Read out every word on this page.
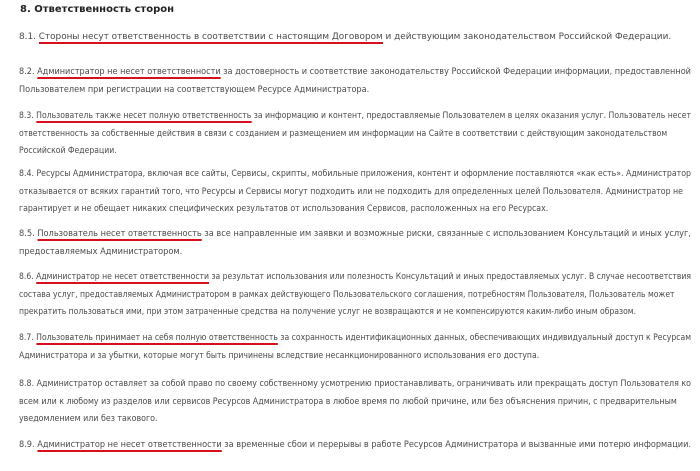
8. Ответственность сторон
8.1. Стороны несут ответственность в соответствии с настоящим Договором и действующим законодательством Российской Федерации.
8.2. Администратор не несет ответственности за достоверность и соответствие законодательству Российской Федерации информации, предоставленной
Пользователем при регистрации на соответствующем Ресурсе Администратора.
8.3. Пользователь также несет полную ответственность за информацию и контент, предоставляемые Пользователем в целях оказания услуг. Пользователь несет
ответственность за собственные действия в связи с созданием и размещением им информации на Сайте в соответствии с действующим законодательством
Российской Федерации.
8.4. Ресурсы Администратора, включая все сайты, Сервисы, скрипты, мобильные приложения, контент и оформление поставляются «как есть». Администратор
отказывается от всяких гарантий того, что Ресурсы и Сервисы могут подходить или не подходить для определенных целей Пользователя. Администратор не
гарантирует и не обещает никаких специфических результатов от использования Сервисов, расположенных на его Ресурсах.
8.5. Пользователь несет ответственность за все направленные им заявки и возможные риски, связанные с использованием Консультаций и иных услуг,
предоставляемых Администратором.
8.6. Администратор не несет ответственности за результат использования или полезность Консультаций и иных предоставляемых услуг. В случае несоответствия
состава услуг, предоставляемых Администратором в рамках действующего Пользовательского соглашения, потребностям Пользователя, Пользователь может
прекратить пользоваться ими, при этом затраченные средства на получение услуг не возвращаются и не компенсируются каким-либо иным образом.
8.7. Пользователь принимает на себя полную ответственность за сохранность идентификационных данных, обеспечивающих индивидуальный доступ к Ресурсам
Администратора и за убытки, которые могут быть причинены вследствие несанкционированного использования его доступа.
8.8. Администратор оставляет за собой право по своему собственному усмотрению приостанавливать, ограничивать или прекращать доступ Пользователя ко
всем или к любому из разделов или сервисов Ресурсов Администратора в любое время по любой причине, или без объяснения причин, с предварительным
уведомлением или без такового.
8.9. Администратор не несет ответственности за временные сбои и перерывы в работе Ресурсов Администратора и вызванные ими потерю информации.
